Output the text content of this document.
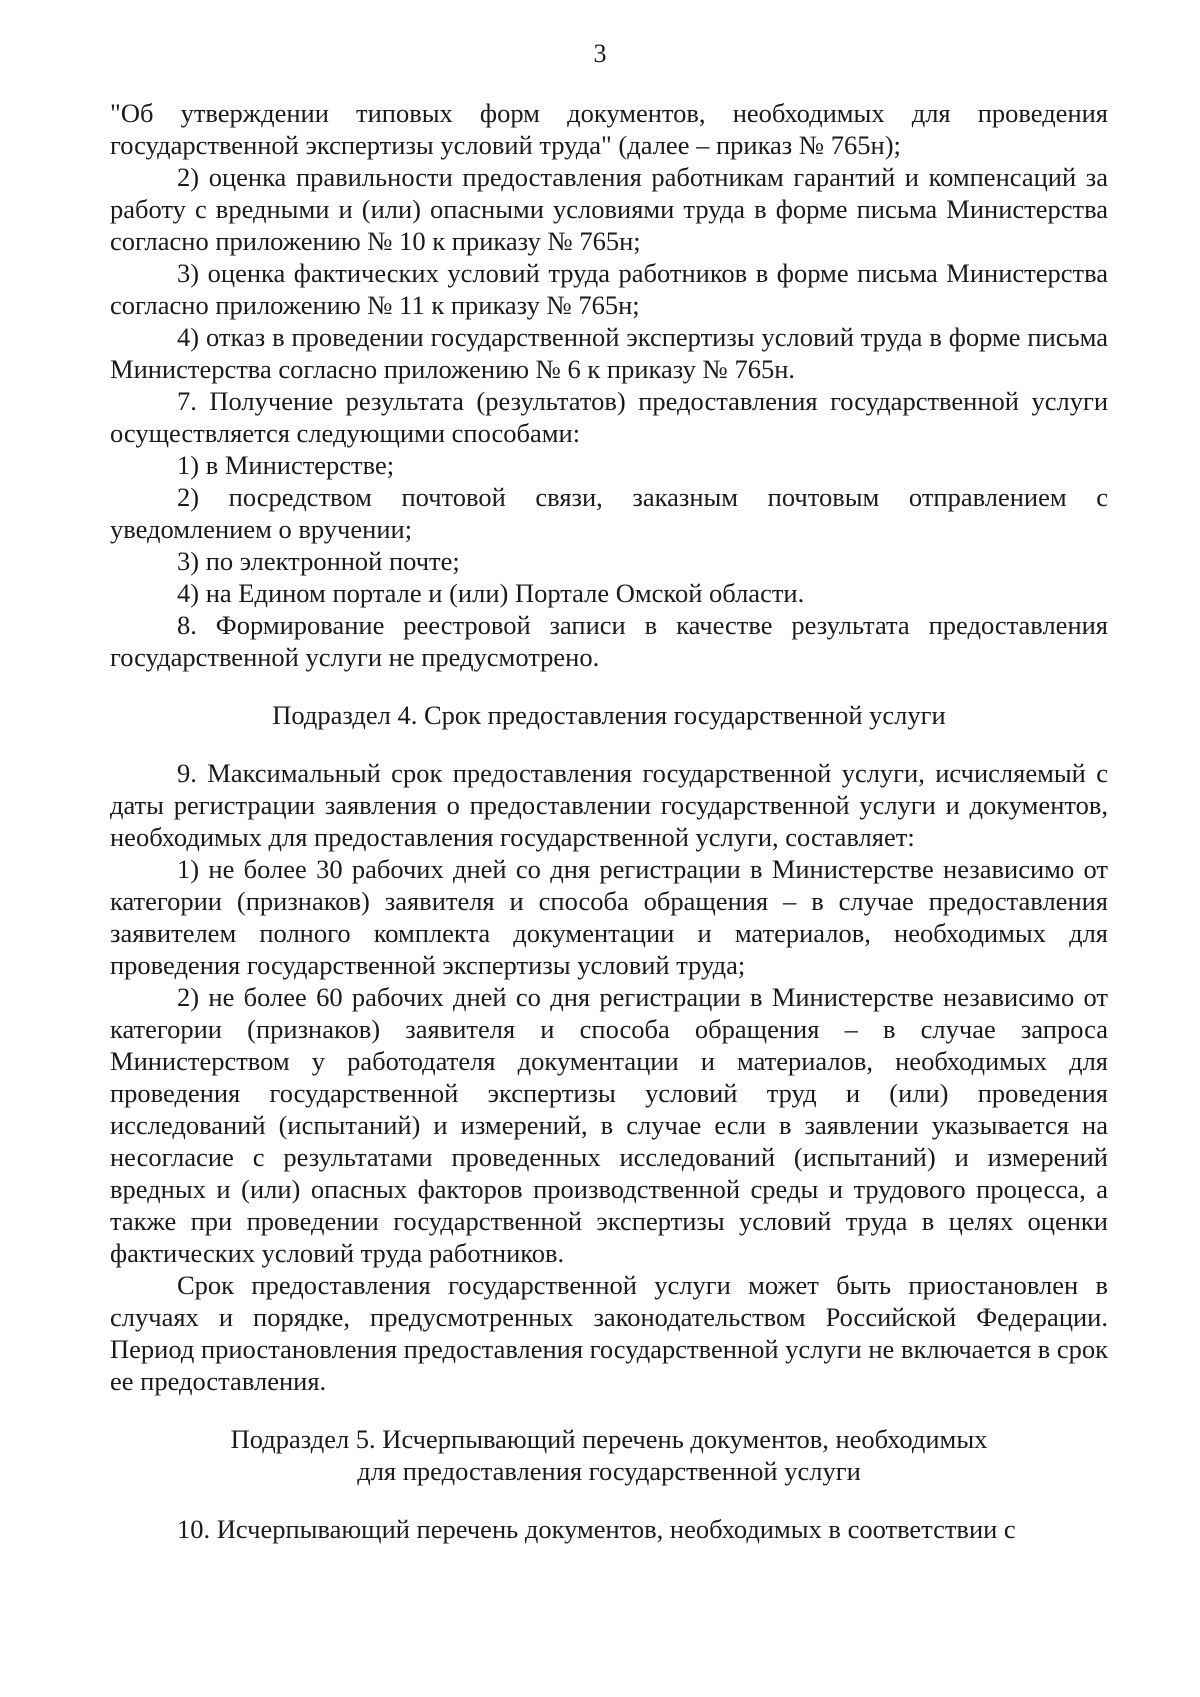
3

"Об утверждении типовых форм документов, необходимых для проведения государственной экспертизы условий труда" (далее – приказ № 765н);

2) оценка правильности предоставления работникам гарантий и компенсаций за работу с вредными и (или) опасными условиями труда в форме письма Министерства согласно приложению № 10 к приказу № 765н;

3) оценка фактических условий труда работников в форме письма Министерства согласно приложению № 11 к приказу № 765н;

4) отказ в проведении государственной экспертизы условий труда в форме письма Министерства согласно приложению № 6 к приказу № 765н.

7. Получение результата (результатов) предоставления государственной услуги осуществляется следующими способами:

1) в Министерстве;

2) посредством почтовой связи, заказным почтовым отправлением с уведомлением о вручении;

3) по электронной почте;

4) на Едином портале и (или) Портале Омской области.

8. Формирование реестровой записи в качестве результата предоставления государственной услуги не предусмотрено.

Подраздел 4. Срок предоставления государственной услуги

9. Максимальный срок предоставления государственной услуги, исчисляемый с даты регистрации заявления о предоставлении государственной услуги и документов, необходимых для предоставления государственной услуги, составляет:

1) не более 30 рабочих дней со дня регистрации в Министерстве независимо от категории (признаков) заявителя и способа обращения – в случае предоставления заявителем полного комплекта документации и материалов, необходимых для проведения государственной экспертизы условий труда;

2) не более 60 рабочих дней со дня регистрации в Министерстве независимо от категории (признаков) заявителя и способа обращения – в случае запроса Министерством у работодателя документации и материалов, необходимых для проведения государственной экспертизы условий труд и (или) проведения исследований (испытаний) и измерений, в случае если в заявлении указывается на несогласие с результатами проведенных исследований (испытаний) и измерений вредных и (или) опасных факторов производственной среды и трудового процесса, а также при проведении государственной экспертизы условий труда в целях оценки фактических условий труда работников.

Срок предоставления государственной услуги может быть приостановлен в случаях и порядке, предусмотренных законодательством Российской Федерации. Период приостановления предоставления государственной услуги не включается в срок ее предоставления.

Подраздел 5. Исчерпывающий перечень документов, необходимых

для предоставления государственной услуги

10. Исчерпывающий перечень документов, необходимых в соответствии с
